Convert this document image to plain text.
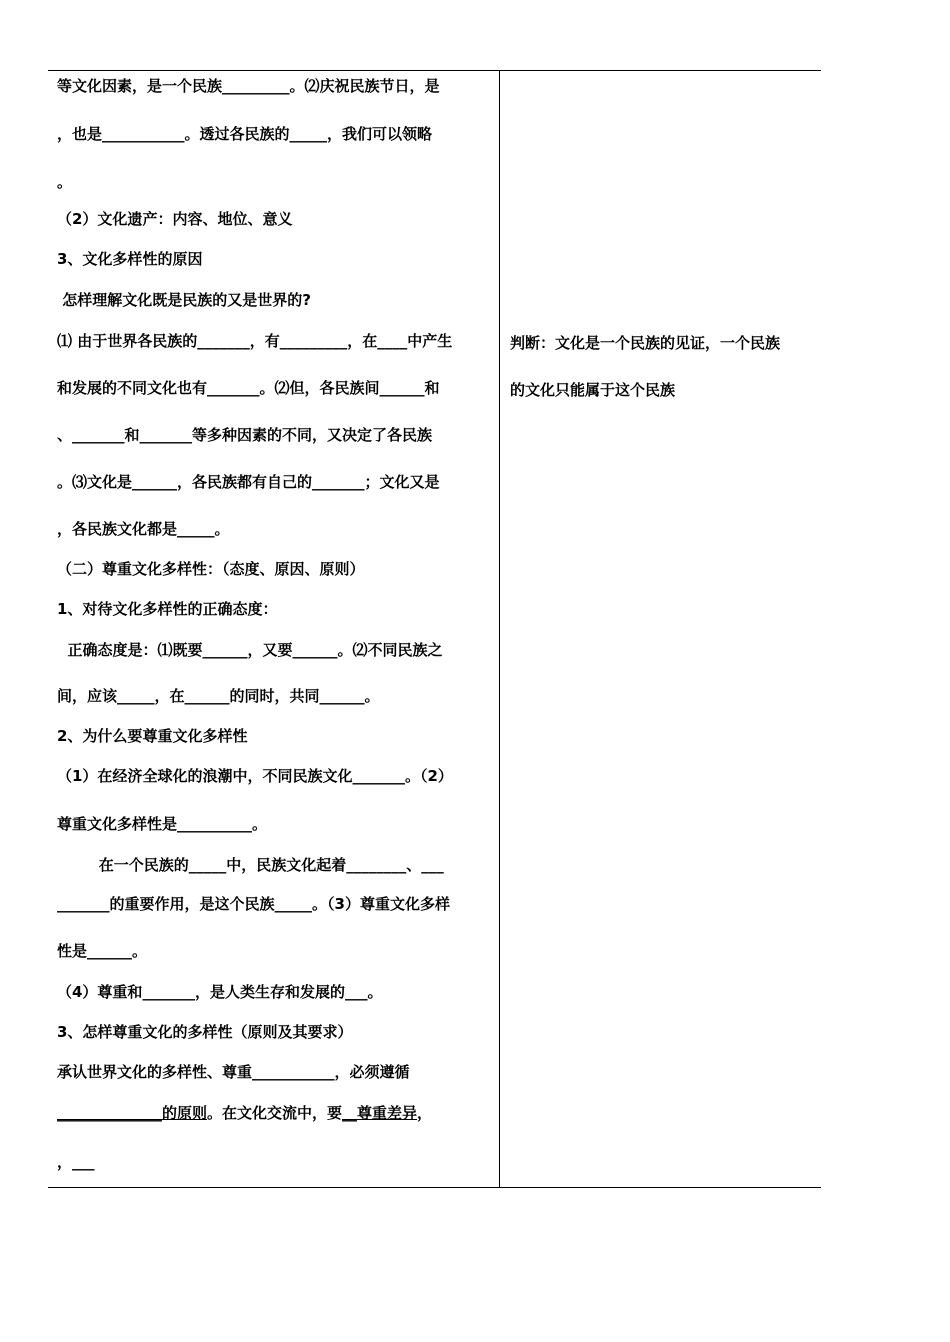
等文化因素，是一个民族_________。⑵庆祝民族节日，是
，也是___________。透过各民族的_____，我们可以领略
。
（2）文化遗产：内容、地位、意义
3、文化多样性的原因
怎样理解文化既是民族的又是世界的?
⑴ 由于世界各民族的_______，有_________，在____中产生
和发展的不同文化也有_______。⑵但，各民族间______和
、_______和_______等多种因素的不同，又决定了各民族
。⑶文化是______，各民族都有自己的_______；文化又是
，各民族文化都是_____。
（二）尊重文化多样性：（态度、原因、原则）
1、对待文化多样性的正确态度：
正确态度是：⑴既要______，又要______。⑵不同民族之
间，应该_____，在______的同时，共同______。
2、为什么要尊重文化多样性
（1）在经济全球化的浪潮中，不同民族文化_______。（2）
尊重文化多样性是__________。
在一个民族的_____中，民族文化起着________、___
_______的重要作用，是这个民族_____。（3）尊重文化多样
性是______。
（4）尊重和_______，是人类生存和发展的___。
3、怎样尊重文化的多样性（原则及其要求）
承认世界文化的多样性、尊重___________，必须遵循
______________的原则。在文化交流中，要__尊重差异，
，___
判断：文化是一个民族的见证，一个民族
的文化只能属于这个民族
